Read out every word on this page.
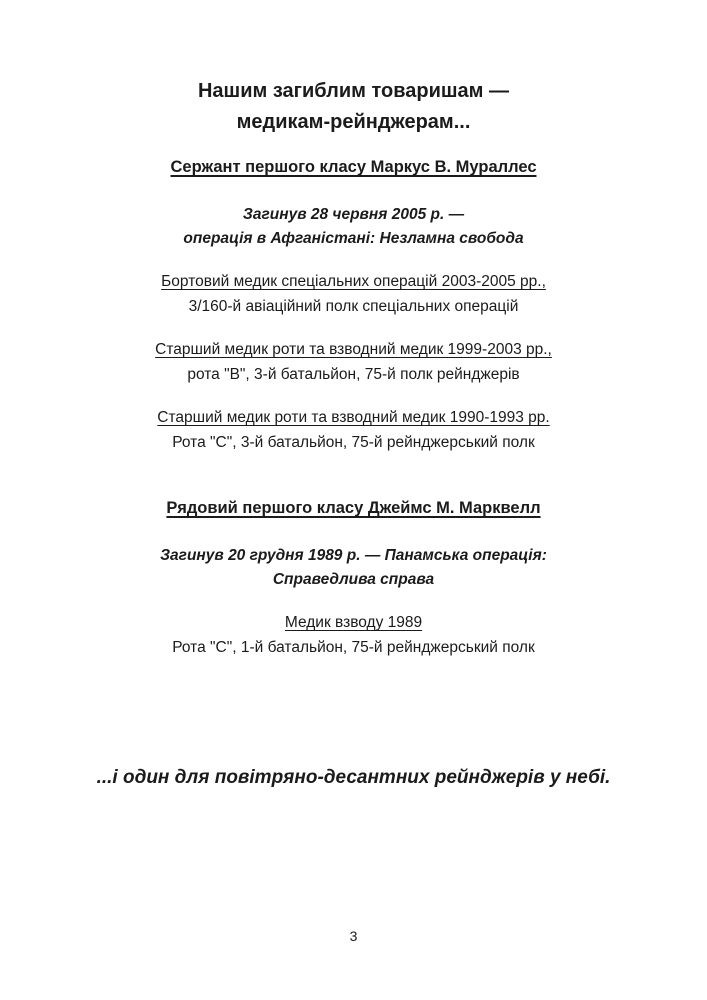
Нашим загиблим товаришам —
медикам-рейнджерам...
Сержант першого класу Маркус В. Мураллес
Загинув 28 червня 2005 р. —
операція в Афганістані: Незламна свобода
Бортовий медик спеціальних операцій 2003-2005 рр.,
3/160-й авіаційний полк спеціальних операцій
Старший медик роти та взводний медик 1999-2003 рр.,
рота "В", 3-й батальйон, 75-й полк рейнджерів
Старший медик роти та взводний медик 1990-1993 рр.
Рота "С", 3-й батальйон, 75-й рейнджерський полк
Рядовий першого класу Джеймс М. Марквелл
Загинув 20 грудня 1989 р. — Панамська операція:
Справедлива справа
Медик взводу 1989
Рота "С", 1-й батальйон, 75-й рейнджерський полк
...і один для повітряно-десантних рейнджерів у небі.
3
